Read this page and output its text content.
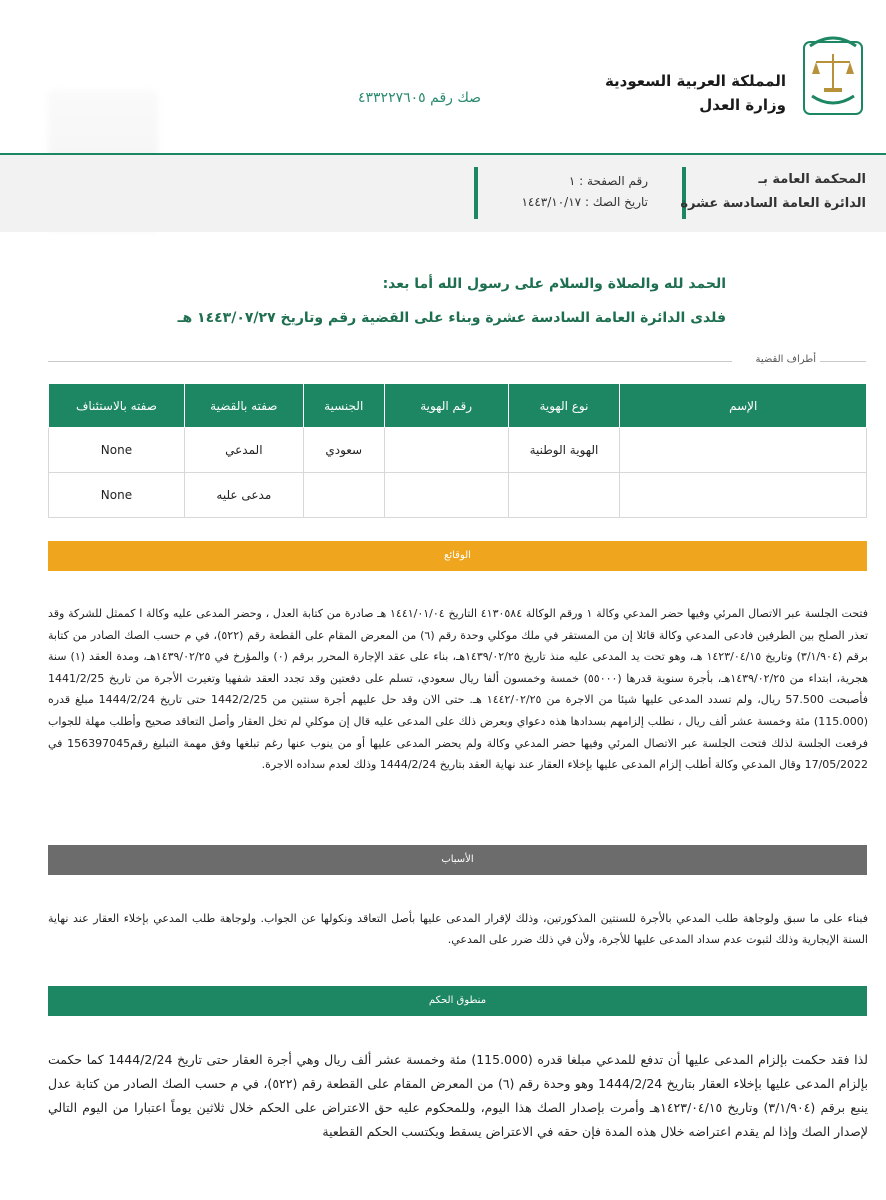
المملكة العربية السعودية
وزارة العدل
صك رقم ٤٣٣٢٢٧٦٠٥
المحكمة العامة بـ
الدائرة العامة السادسة عشرة
رقم الصفحة : ١
تاريخ الصك : ١٤٤٣/١٠/١٧
الحمد لله والصلاة والسلام على رسول الله أما بعد:
فلدى الدائرة العامة السادسة عشرة وبناء على القضية رقم وتاريخ ١٤٤٣/٠٧/٢٧ هـ
أطراف القضية
الإسم	نوع الهوية	رقم الهوية	الجنسية	صفته بالقضية	صفته بالاستئناف
	الهوية الوطنية		سعودي	المدعي	None
				مدعى عليه	None
الوقائع
فتحت الجلسة عبر الاتصال المرئي وفيها حضر المدعي وكالة ١ ورقم الوكالة ٤١٣٠٥٨٤ التاريخ ١٤٤١/٠١/٠٤ هـ صادرة من كتابة العدل ، وحضر المدعى عليه وكالة ا كممثل للشركة وقد تعذر الصلح بين الطرفين فادعى المدعي وكالة قائلا إن من المستقر في ملك موكلي وحدة رقم (٦) من المعرض المقام على القطعة رقم (٥٢٢)، في م حسب الصك الصادر من كتابة برقم (٣/١/٩٠٤) وتاريخ ١٤٢٣/٠٤/١٥ هـ، وهو تحت يد المدعى عليه منذ تاريخ ١٤٣٩/٠٢/٢٥هـ، بناء على عقد الإجارة المحرر برقم (٠) والمؤرخ في ١٤٣٩/٠٢/٢٥هـ، ومدة العقد (١) سنة هجرية، ابتداء من ١٤٣٩/٠٢/٢٥هـ، بأجرة سنوية قدرها (٥٥٠٠٠) خمسة وخمسون ألفا ريال سعودي، تسلم على دفعتين وقد تجدد العقد شفهيا وتغيرت الأجرة من تاريخ 1441/2/25 فأصبحت 57.500 ريال، ولم تسدد المدعى عليها شيئا من الاجرة من ١٤٤٢/٠٢/٢٥ هـ. حتى الان وقد حل عليهم أجرة سنتين من 1442/2/25 حتى تاريخ 1444/2/24 مبلغ قدره (115.000) مئة وخمسة عشر ألف ريال ، نطلب إلزامهم بسدادها هذه دعواي وبعرض ذلك على المدعى عليه قال إن موكلي لم تخل العقار وأصل التعاقد صحيح وأطلب مهلة للجواب فرفعت الجلسة لذلك فتحت الجلسة عبر الاتصال المرئي وفيها حضر المدعي وكالة ولم يحضر المدعى عليها أو من ينوب عنها رغم تبلغها وفق مهمة التبليغ رقم156397045 في 17/05/2022 وقال المدعي وكالة أطلب إلزام المدعى عليها بإخلاء العقار عند نهاية العقد بتاريخ 1444/2/24 وذلك لعدم سداده الاجرة.
الأسباب
فبناء على ما سبق ولوجاهة طلب المدعي بالأجرة للسنتين المذكورتين، وذلك لإقرار المدعى عليها بأصل التعاقد ونكولها عن الجواب. ولوجاهة طلب المدعي بإخلاء العقار عند نهاية السنة الإيجارية وذلك لثبوت عدم سداد المدعى عليها للأجرة، ولأن في ذلك ضرر على المدعي.
منطوق الحكم
لذا فقد حكمت بإلزام المدعى عليها أن تدفع للمدعي مبلغا قدره (115.000) مئة وخمسة عشر ألف ريال وهي أجرة العقار حتى تاريخ 1444/2/24 كما حكمت بإلزام المدعى عليها بإخلاء العقار بتاريخ 1444/2/24 وهو وحدة رقم (٦) من المعرض المقام على القطعة رقم (٥٢٢)، في م حسب الصك الصادر من كتابة عدل ينبع برقم (٣/١/٩٠٤) وتاريخ ١٤٢٣/٠٤/١٥هـ وأمرت بإصدار الصك هذا اليوم، وللمحكوم عليه حق الاعتراض على الحكم خلال ثلاثين يوماً اعتبارا من اليوم التالي لإصدار الصك وإذا لم يقدم اعتراضه خلال هذه المدة فإن حقه في الاعتراض يسقط ويكتسب الحكم القطعية
